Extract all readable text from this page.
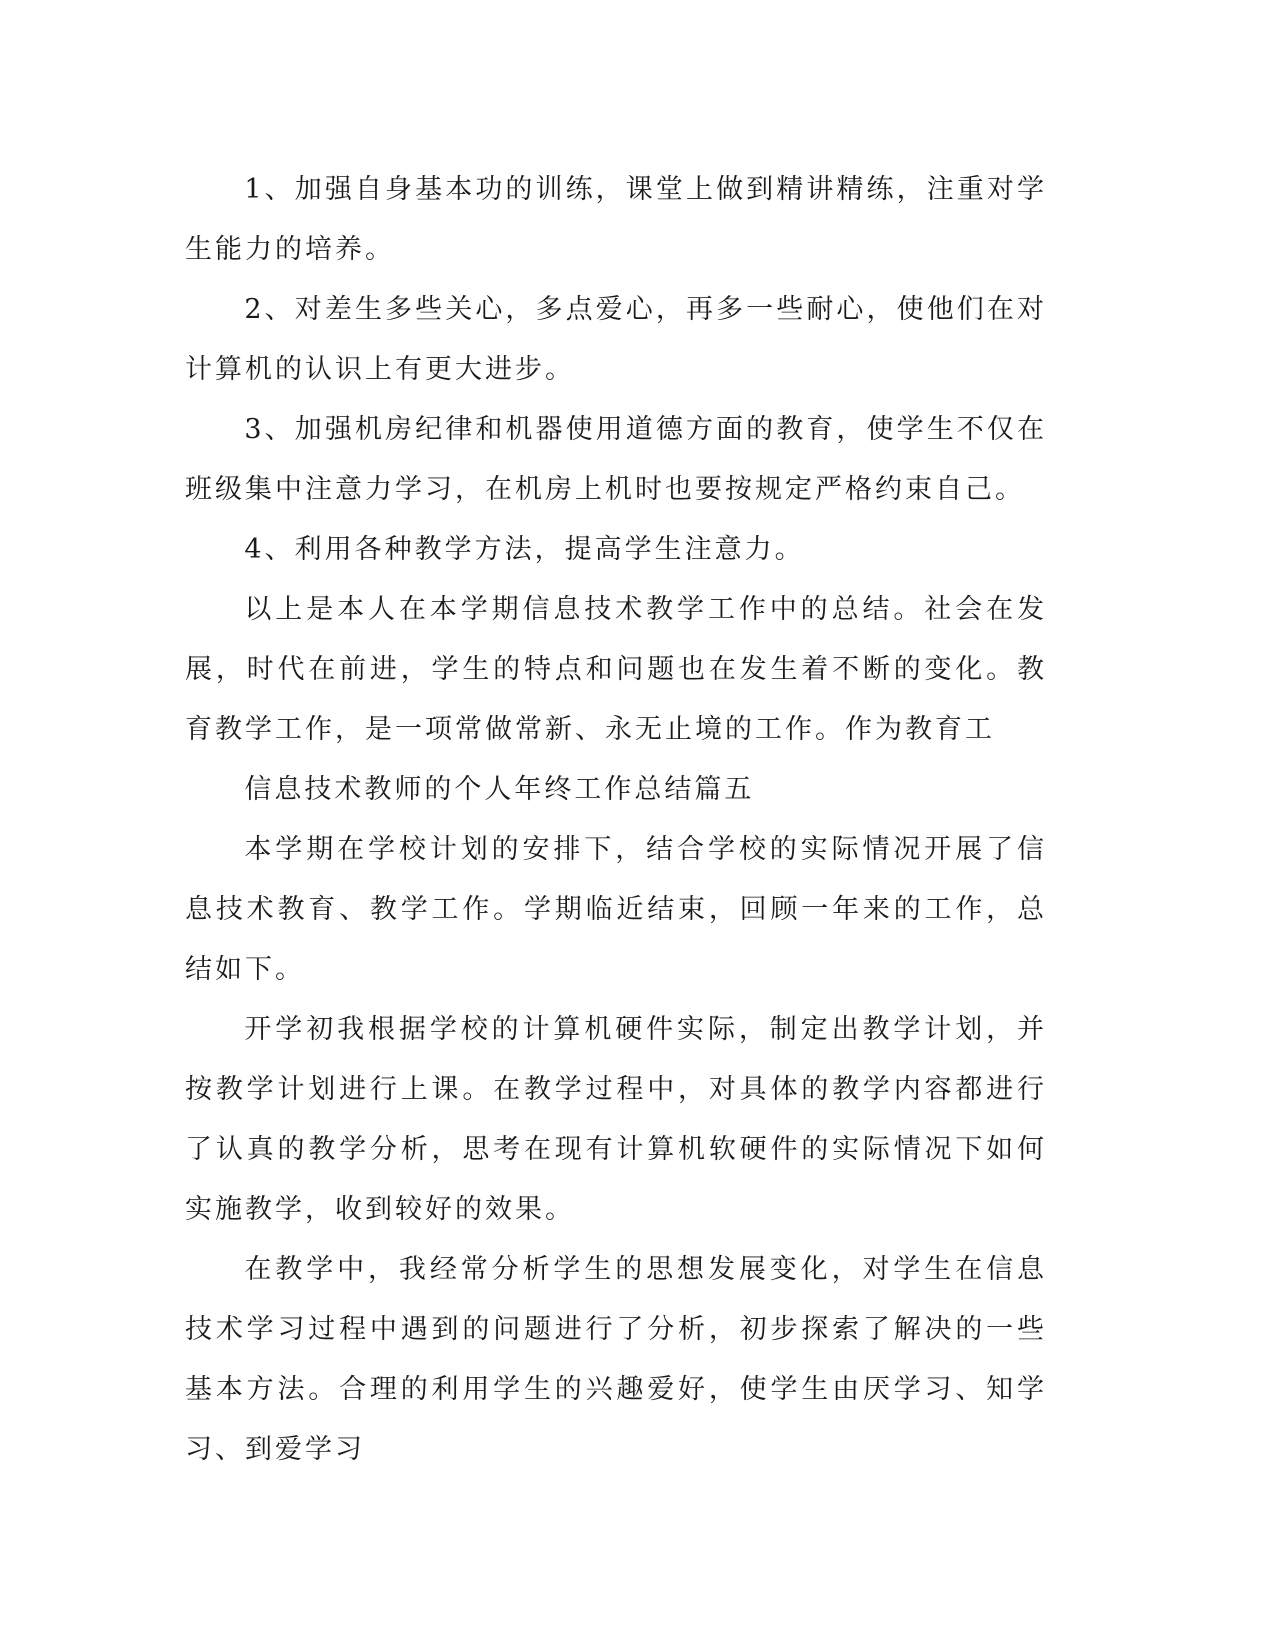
1、加强自身基本功的训练，课堂上做到精讲精练，注重对学生能力的培养。

2、对差生多些关心，多点爱心，再多一些耐心，使他们在对计算机的认识上有更大进步。

3、加强机房纪律和机器使用道德方面的教育，使学生不仅在班级集中注意力学习，在机房上机时也要按规定严格约束自己。

4、利用各种教学方法，提高学生注意力。

以上是本人在本学期信息技术教学工作中的总结。社会在发展，时代在前进，学生的特点和问题也在发生着不断的变化。教育教学工作，是一项常做常新、永无止境的工作。作为教育工

信息技术教师的个人年终工作总结篇五

本学期在学校计划的安排下，结合学校的实际情况开展了信息技术教育、教学工作。学期临近结束，回顾一年来的工作，总结如下。

开学初我根据学校的计算机硬件实际，制定出教学计划，并按教学计划进行上课。在教学过程中，对具体的教学内容都进行了认真的教学分析，思考在现有计算机软硬件的实际情况下如何实施教学，收到较好的效果。

在教学中，我经常分析学生的思想发展变化，对学生在信息技术学习过程中遇到的问题进行了分析，初步探索了解决的一些基本方法。合理的利用学生的兴趣爱好，使学生由厌学习、知学习、到爱学习
